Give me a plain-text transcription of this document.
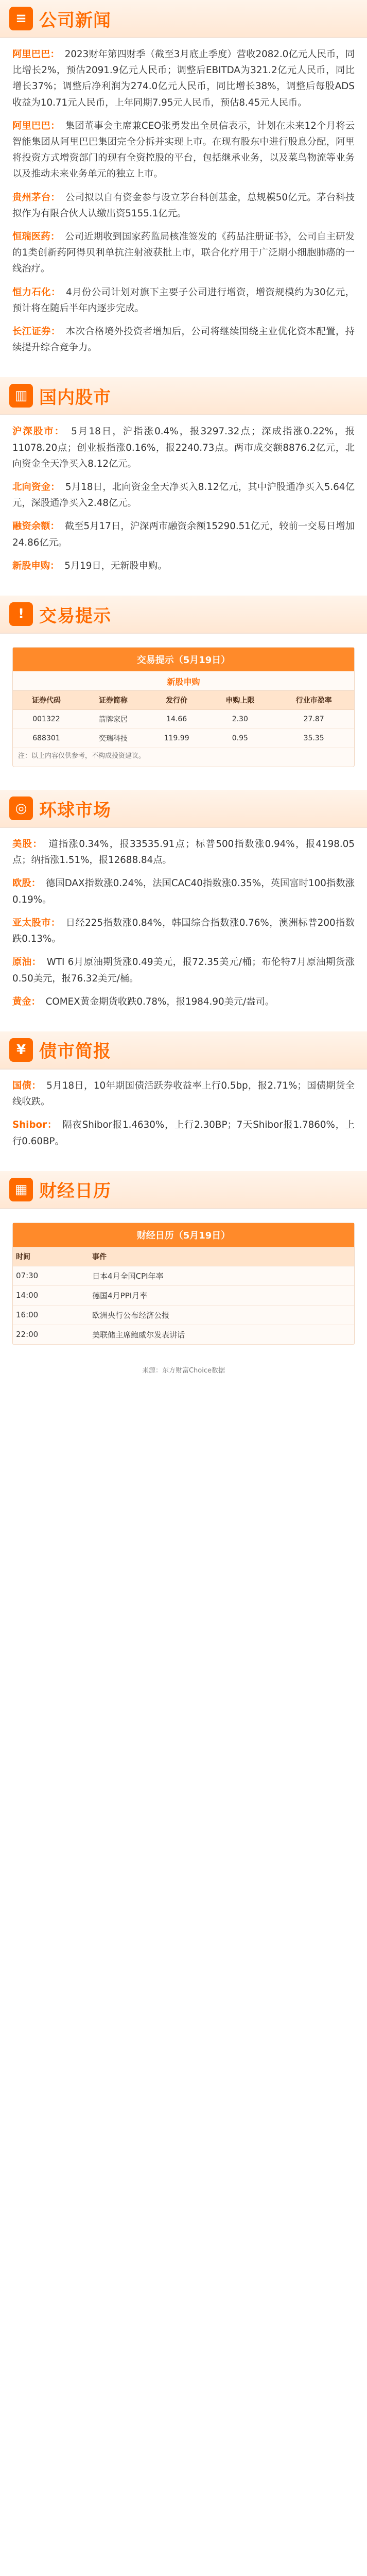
≡ 公司新闻
阿里巴巴： 2023财年第四财季（截至3月底止季度）营收2082.0亿元人民币，同比增长2%，预估2091.9亿元人民币；调整后EBITDA为321.2亿元人民币，同比增长37%；调整后净利润为274.0亿元人民币，同比增长38%，调整后每股ADS收益为10.71元人民币，上年同期7.95元人民币，预估8.45元人民币。
阿里巴巴： 集团董事会主席兼CEO张勇发出全员信表示，计划在未来12个月将云智能集团从阿里巴巴集团完全分拆并实现上市。在现有股东中进行股息分配，阿里将投资方式增资部门的现有全资控股的平台，包括继承业务，以及菜鸟物流等业务以及推动未来业务单元的独立上市。
贵州茅台： 公司拟以自有资金参与设立茅台科创基金，总规模50亿元。茅台科技拟作为有限合伙人认缴出资5155.1亿元。
恒瑞医药： 公司近期收到国家药监局核准签发的《药品注册证书》，公司自主研发的1类创新药阿得贝利单抗注射液获批上市，联合化疗用于广泛期小细胞肺癌的一线治疗。
恒力石化： 4月份公司计划对旗下主要子公司进行增资，增资规模约为30亿元，预计将在随后半年内逐步完成。
长江证券： 本次合格境外投资者增加后，公司将继续围绕主业优化资本配置，持续提升综合竞争力。
▥ 国内股市
沪深股市： 5月18日，沪指涨0.4%，报3297.32点；深成指涨0.22%，报11078.20点；创业板指涨0.16%，报2240.73点。两市成交额8876.2亿元，北向资金全天净买入8.12亿元。
北向资金： 5月18日，北向资金全天净买入8.12亿元，其中沪股通净买入5.64亿元，深股通净买入2.48亿元。
融资余额： 截至5月17日，沪深两市融资余额15290.51亿元，较前一交易日增加24.86亿元。
新股申购： 5月19日，无新股申购。
! 交易提示
交易提示（5月19日）
新股申购
证券代码	证券简称	发行价	申购上限	行业市盈率
001322	箭牌家居	14.66	2.30	27.87
688301	奕瑞科技	119.99	0.95	35.35
注：以上内容仅供参考，不构成投资建议。
◎ 环球市场
美股： 道指涨0.34%，报33535.91点；标普500指数涨0.94%，报4198.05点；纳指涨1.51%，报12688.84点。
欧股： 德国DAX指数涨0.24%，法国CAC40指数涨0.35%，英国富时100指数涨0.19%。
亚太股市： 日经225指数涨0.84%，韩国综合指数涨0.76%，澳洲标普200指数跌0.13%。
原油： WTI 6月原油期货涨0.49美元，报72.35美元/桶；布伦特7月原油期货涨0.50美元，报76.32美元/桶。
黄金： COMEX黄金期货收跌0.78%，报1984.90美元/盎司。
¥ 债市简报
国债： 5月18日，10年期国债活跃券收益率上行0.5bp，报2.71%；国债期货全线收跌。
Shibor： 隔夜Shibor报1.4630%，上行2.30BP；7天Shibor报1.7860%，上行0.60BP。
▦ 财经日历
财经日历（5月19日）
时间	事件
07:30	日本4月全国CPI年率
14:00	德国4月PPI月率
16:00	欧洲央行公布经济公报
22:00	美联储主席鲍威尔发表讲话
来源：东方财富Choice数据
